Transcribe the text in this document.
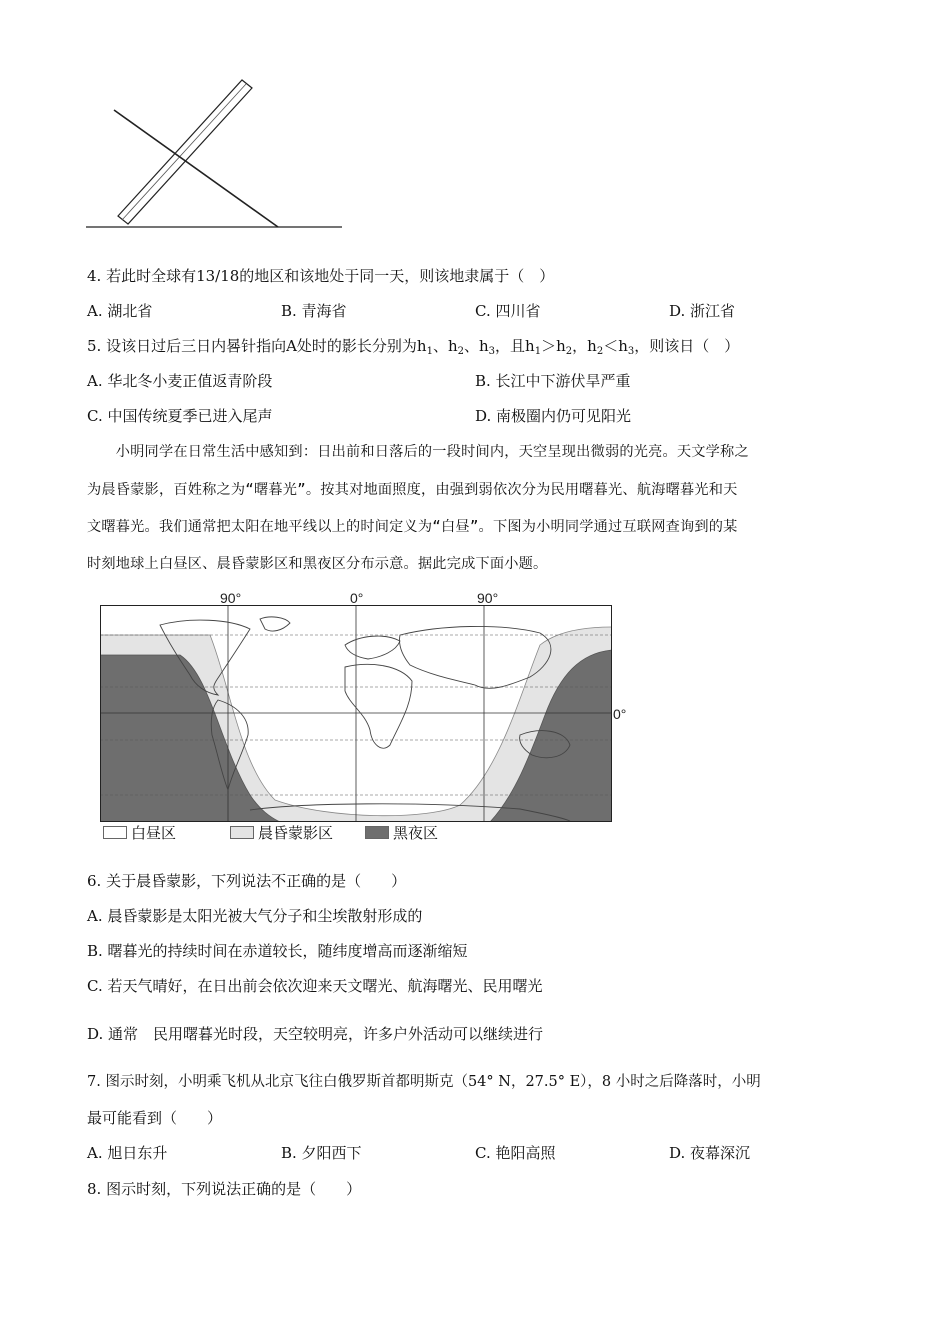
4. 若此时全球有13/18的地区和该地处于同一天，则该地隶属于（　）
A. 湖北省	B. 青海省	C. 四川省	D. 浙江省
5. 设该日过后三日内晷针指向A处时的影长分别为$h_1$、$h_2$、$h_3$，且$h_1>h_2$，$h_2<h_3$，则该日（　）
A. 华北冬小麦正值返青阶段	B. 长江中下游伏旱严重
C. 中国传统夏季已进入尾声	D. 南极圈内仍可见阳光
　　小明同学在日常生活中感知到：日出前和日落后的一段时间内，天空呈现出微弱的光亮。天文学称之
为晨昏蒙影，百姓称之为“曙暮光”。按其对地面照度，由强到弱依次分为民用曙暮光、航海曙暮光和天
文曙暮光。我们通常把太阳在地平线以上的时间定义为“白昼”。下图为小明同学通过互联网查询到的某
时刻地球上白昼区、晨昏蒙影区和黑夜区分布示意。据此完成下面小题。
90°	0°	90°
0°
白昼区	晨昏蒙影区	黑夜区
6. 关于晨昏蒙影，下列说法不正确的是（　　）
A. 晨昏蒙影是太阳光被大气分子和尘埃散射形成的
B. 曙暮光的持续时间在赤道较长，随纬度增高而逐渐缩短
C. 若天气晴好，在日出前会依次迎来天文曙光、航海曙光、民用曙光
D. 通常　民用曙暮光时段，天空较明亮，许多户外活动可以继续进行
7. 图示时刻，小明乘飞机从北京飞往白俄罗斯首都明斯克（54° N，27.5° E），8 小时之后降落时，小明
最可能看到（　　）
A. 旭日东升	B. 夕阳西下	C. 艳阳高照	D. 夜幕深沉
8. 图示时刻，下列说法正确的是（　　）
